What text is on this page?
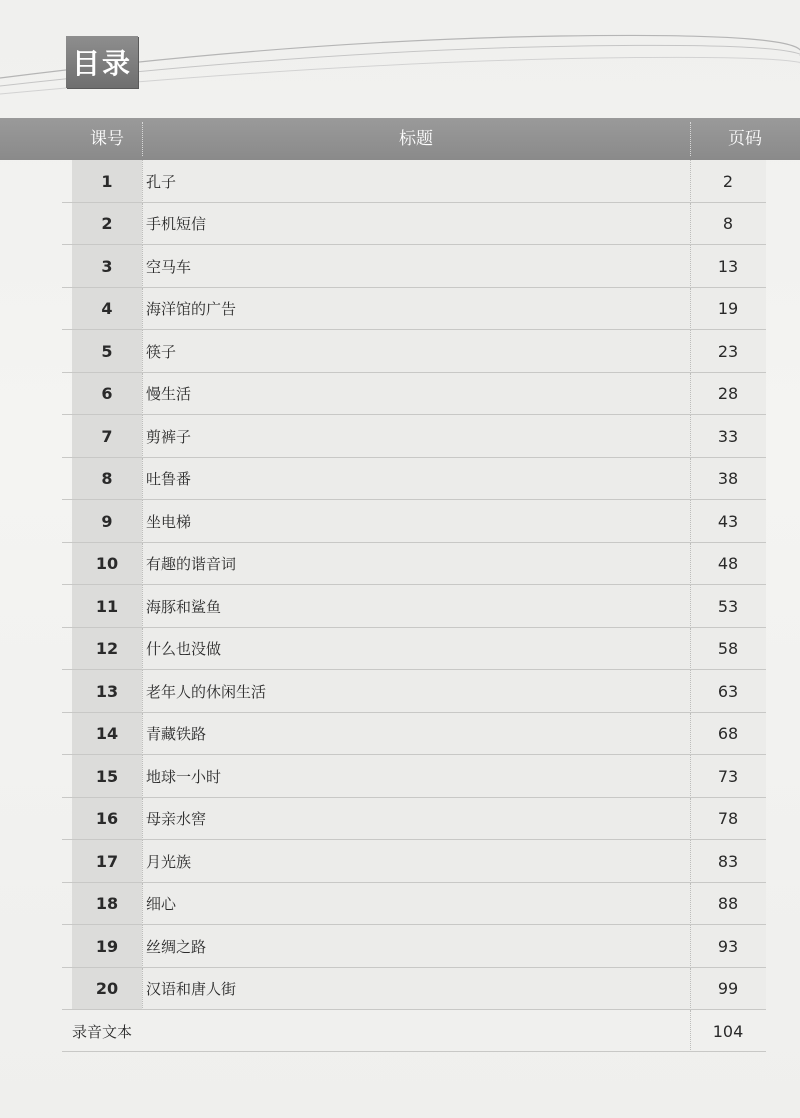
目录
课号	标题	页码
1	孔子	2
2	手机短信	8
3	空马车	13
4	海洋馆的广告	19
5	筷子	23
6	慢生活	28
7	剪裤子	33
8	吐鲁番	38
9	坐电梯	43
10	有趣的谐音词	48
11	海豚和鲨鱼	53
12	什么也没做	58
13	老年人的休闲生活	63
14	青藏铁路	68
15	地球一小时	73
16	母亲水窖	78
17	月光族	83
18	细心	88
19	丝绸之路	93
20	汉语和唐人街	99
录音文本	104
